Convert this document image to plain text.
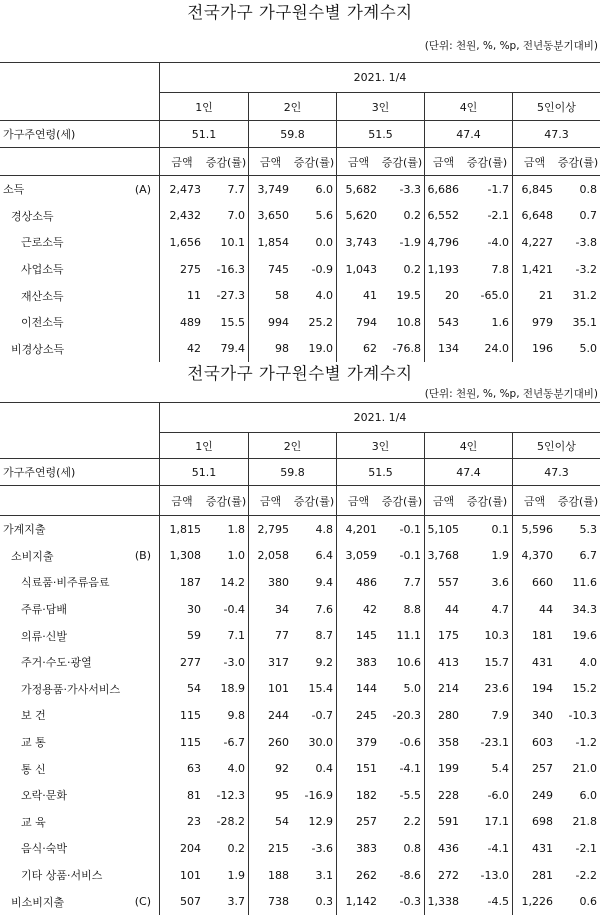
전국가구 가구원수별 가계수지
(단위: 천원, %, %p, 전년동분기대비)
2021. 1/4
1인	2인	3인	4인	5인이상
가구주연령(세)	51.1	59.8	51.5	47.4	47.3
금액	증감(률)	금액	증감(률)	금액	증감(률) 금액	증감(률)	금액	증감(률)
소득	(A)	2,473	7.7	3,749	6.0	5,682	-3.3 6,686	-1.7	6,845	0.8
경상소득	2,432	7.0	3,650	5.6	5,620	0.2 6,552	-2.1	6,648	0.7
근로소득	1,656	10.1	1,854	0.0	3,743	-1.9 4,796	-4.0	4,227	-3.8
사업소득	275	-16.3	745	-0.9	1,043	0.2 1,193	7.8	1,421	-3.2
재산소득	11	-27.3	58	4.0	41	19.5	20	-65.0	21	31.2
이전소득	489	15.5	994	25.2	794	10.8	543	1.6	979	35.1
비경상소득	42	79.4	98	19.0	62	-76.8	134	24.0	196	5.0
전국가구 가구원수별 가계수지
(단위: 천원, %, %p, 전년동분기대비)
2021. 1/4
1인	2인	3인	4인	5인이상
가구주연령(세)	51.1	59.8	51.5	47.4	47.3
금액	증감(률)	금액	증감(률)	금액	증감(률) 금액	증감(률)	금액	증감(률)
가계지출	1,815	1.8	2,795	4.8	4,201	-0.1 5,105	0.1	5,596	5.3
소비지출	(B)	1,308	1.0	2,058	6.4	3,059	-0.1 3,768	1.9	4,370	6.7
식료품·비주류음료	187	14.2	380	9.4	486	7.7	557	3.6	660	11.6
주류·담배	30	-0.4	34	7.6	42	8.8	44	4.7	44	34.3
의류·신발	59	7.1	77	8.7	145	11.1	175	10.3	181	19.6
주거·수도·광열	277	-3.0	317	9.2	383	10.6	413	15.7	431	4.0
가정용품·가사서비스	54	18.9	101	15.4	144	5.0	214	23.6	194	15.2
보 건	115	9.8	244	-0.7	245	-20.3	280	7.9	340	-10.3
교 통	115	-6.7	260	30.0	379	-0.6	358	-23.1	603	-1.2
통 신	63	4.0	92	0.4	151	-4.1	199	5.4	257	21.0
오락·문화	81	-12.3	95	-16.9	182	-5.5	228	-6.0	249	6.0
교 육	23	-28.2	54	12.9	257	2.2	591	17.1	698	21.8
음식·숙박	204	0.2	215	-3.6	383	0.8	436	-4.1	431	-2.1
기타 상품·서비스	101	1.9	188	3.1	262	-8.6	272	-13.0	281	-2.2
비소비지출	(C)	507	3.7	738	0.3	1,142	-0.3 1,338	-4.5	1,226	0.6
